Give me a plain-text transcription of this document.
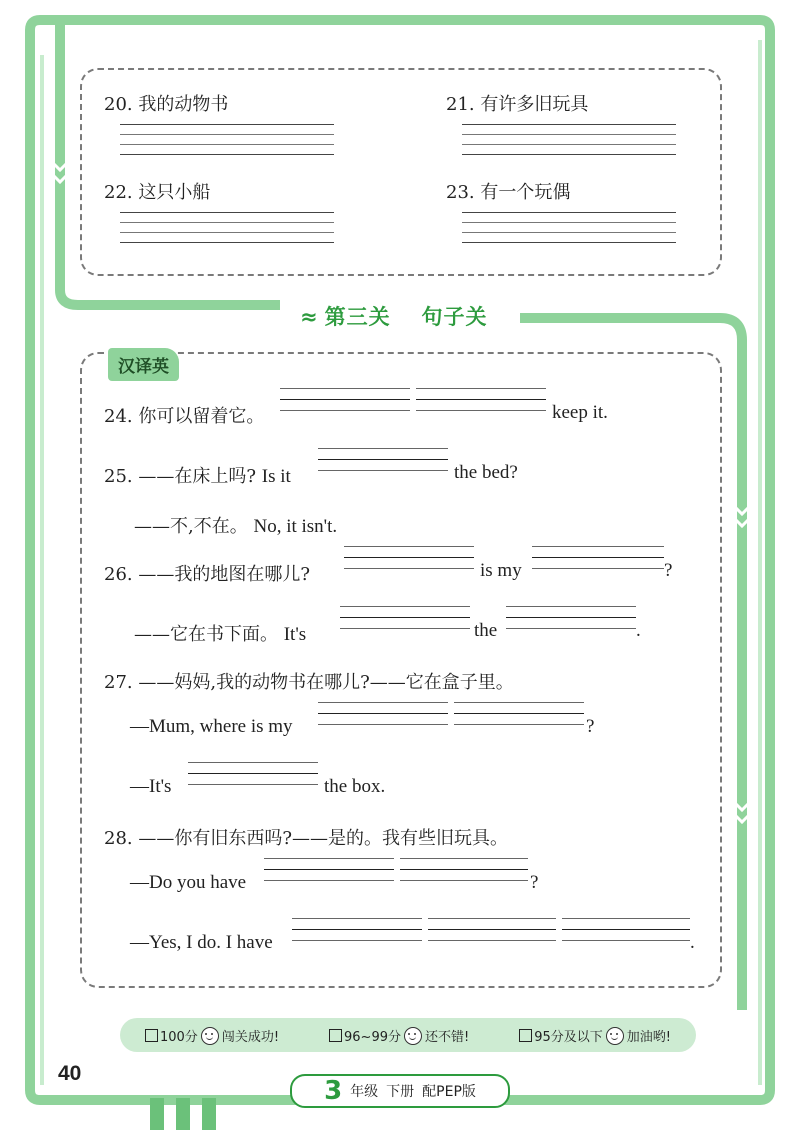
20. 我的动物书	21. 有许多旧玩具
22. 这只小船	23. 有一个玩偶
≈ 第三关 句子关
汉译英
24. 你可以留着它。	keep it.
25. ——在床上吗? Is it	the bed?
——不,不在。 No, it isn't.
26. ——我的地图在哪儿?	is my	?
——它在书下面。 It's	the	.
27. ——妈妈,我的动物书在哪儿?——它在盒子里。
—Mum, where is my	?
—It's	the box.
28. ——你有旧东西吗?——是的。我有些旧玩具。
—Do you have	?
—Yes, I do. I have	.
100分 闯关成功!	96~99分 还不错!	95分及以下 加油哟!
40
3 年级 下册 配PEP版
